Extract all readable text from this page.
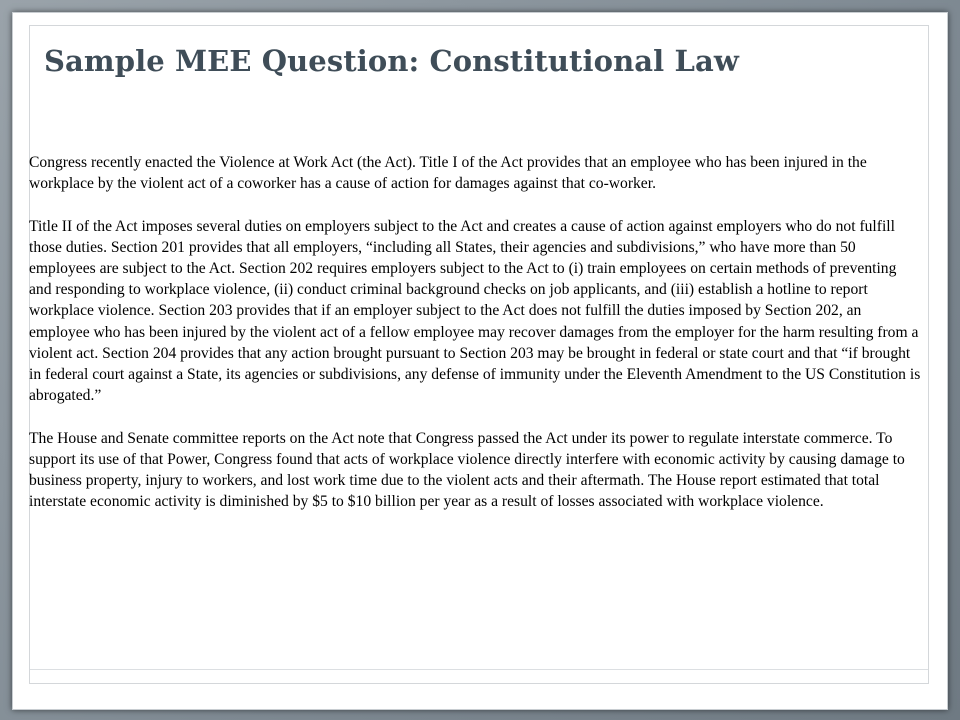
Sample MEE Question: Constitutional Law

Congress recently enacted the Violence at Work Act (the Act). Title I of the Act provides that an employee who has been injured in the workplace by the violent act of a coworker has a cause of action for damages against that co-worker.

Title II of the Act imposes several duties on employers subject to the Act and creates a cause of action against employers who do not fulfill those duties. Section 201 provides that all employers, “including all States, their agencies and subdivisions,” who have more than 50 employees are subject to the Act. Section 202 requires employers subject to the Act to (i) train employees on certain methods of preventing and responding to workplace violence, (ii) conduct criminal background checks on job applicants, and (iii) establish a hotline to report workplace violence. Section 203 provides that if an employer subject to the Act does not fulfill the duties imposed by Section 202, an employee who has been injured by the violent act of a fellow employee may recover damages from the employer for the harm resulting from a violent act. Section 204 provides that any action brought pursuant to Section 203 may be brought in federal or state court and that “if brought in federal court against a State, its agencies or subdivisions, any defense of immunity under the Eleventh Amendment to the US Constitution is abrogated.”

The House and Senate committee reports on the Act note that Congress passed the Act under its power to regulate interstate commerce. To support its use of that Power, Congress found that acts of workplace violence directly interfere with economic activity by causing damage to business property, injury to workers, and lost work time due to the violent acts and their aftermath. The House report estimated that total interstate economic activity is diminished by $5 to $10 billion per year as a result of losses associated with workplace violence.
